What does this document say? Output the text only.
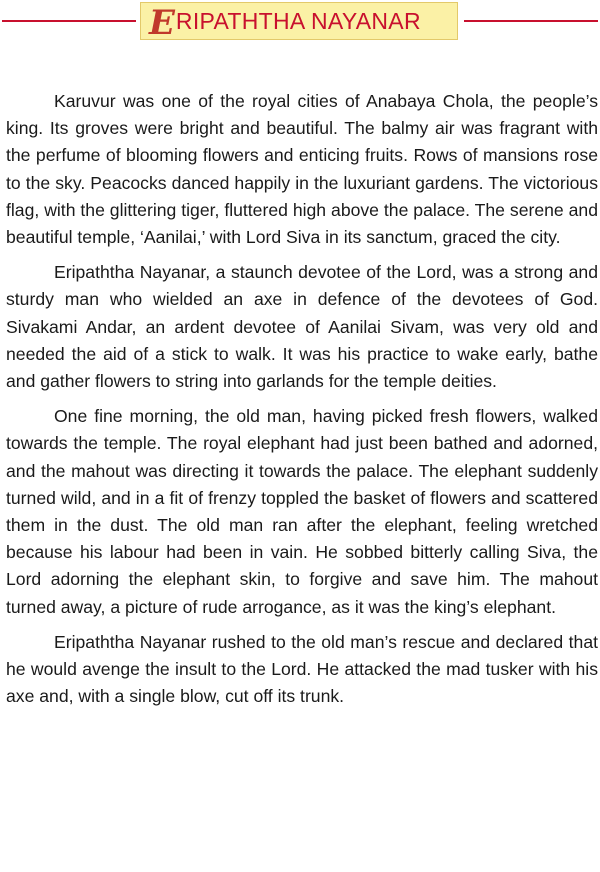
E RIPATHTHA NAYANAR

Karuvur was one of the royal cities of Anabaya Chola, the people’s king. Its groves were bright and beautiful. The balmy air was fragrant with the perfume of blooming flowers and enticing fruits. Rows of mansions rose to the sky. Peacocks danced happily in the luxuriant gardens. The victorious flag, with the glittering tiger, fluttered high above the palace. The serene and beautiful temple, ‘Aanilai,’ with Lord Siva in its sanctum, graced the city.

Eripaththa Nayanar, a staunch devotee of the Lord, was a strong and sturdy man who wielded an axe in defence of the devotees of God. Sivakami Andar, an ardent devotee of Aanilai Sivam, was very old and needed the aid of a stick to walk. It was his practice to wake early, bathe and gather flowers to string into garlands for the temple deities.

One fine morning, the old man, having picked fresh flowers, walked towards the temple. The royal elephant had just been bathed and adorned, and the mahout was directing it towards the palace. The elephant suddenly turned wild, and in a fit of frenzy toppled the basket of flowers and scattered them in the dust. The old man ran after the elephant, feeling wretched because his labour had been in vain. He sobbed bitterly calling Siva, the Lord adorning the elephant skin, to forgive and save him. The mahout turned away, a picture of rude arrogance, as it was the king’s elephant.

Eripaththa Nayanar rushed to the old man’s rescue and declared that he would avenge the insult to the Lord. He attacked the mad tusker with his axe and, with a single blow, cut off its trunk.
